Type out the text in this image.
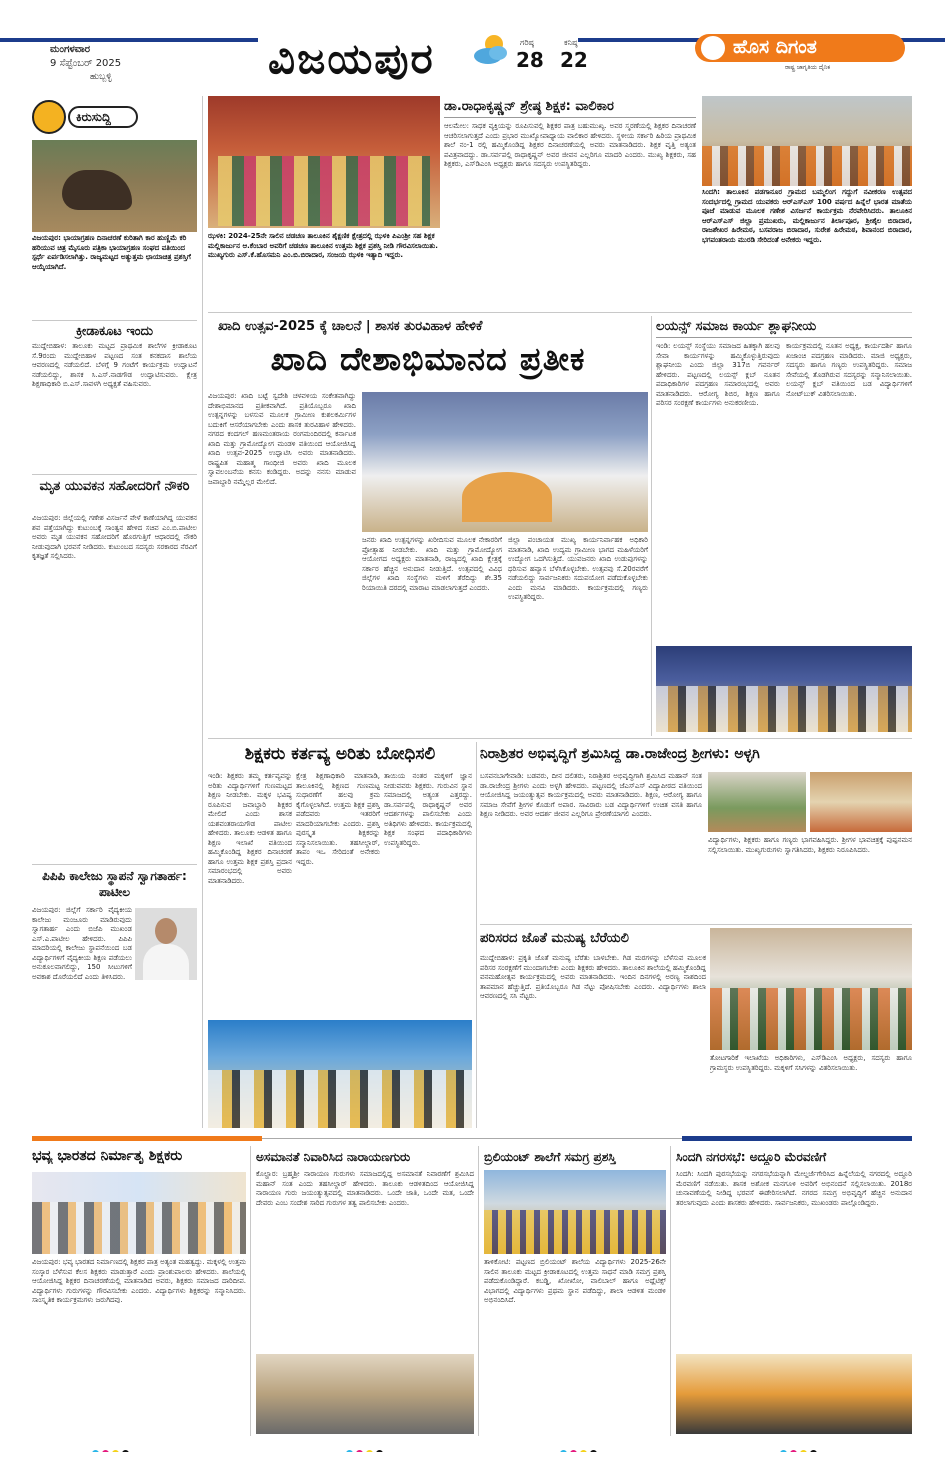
ಮಂಗಳವಾರ
9 ಸೆಪ್ಟೆಂಬರ್ 2025
ಹುಬ್ಬಳ್ಳಿ	ವಿಜಯಪುರ	ಗರಿಷ್ಠ
28
ಕನಿಷ್ಠ
22
ಹೊಸ ದಿಗಂತ
ರಾಷ್ಟ್ರ ಜಾಗೃತಿಯ ದೈನಿಕ
ಕಿರುಸುದ್ದಿ
ವಿಜಯಪುರ: ಭಾಯಾಗ್ರಹಣ ದಿನಾಚರಣೆ ಕುರಿತಾಗಿ ಕಾರ ಹುಣ್ಣಿಮೆ ಕರಿ ಹರಿಯುವ ಚಿತ್ರ ಮೈಸೂರು ಪತ್ರಿಕಾ ಭಾಯಾಗ್ರಹಣ ಸಂಘದ ವತಿಯಿಂದ ಸ್ಪರ್ಧೆ ಏರ್ಪಡಿಸಲಾಗಿತ್ತು. ರಾಜ್ಯಮಟ್ಟದ ಅತ್ಯುತ್ತಮ ಛಾಯಾಚಿತ್ರ ಪ್ರಶಸ್ತಿಗೆ ಆಯ್ಕೆಯಾಗಿದೆ.
ಕ್ರೀಡಾಕೂಟ ಇಂದು
ಮುದ್ದೇಬಿಹಾಳ: ತಾಲೂಕು ಮಟ್ಟದ ಪ್ರಾಥಮಿಕ ಶಾಲೆಗಳ ಕ್ರೀಡಾಕೂಟ ಸೆ.9ರಂದು ಮುದ್ದೇಬಿಹಾಳ ಪಟ್ಟಣದ ಸಂತ ಕನಕದಾಸ ಶಾಲೆಯ ಆವರಣದಲ್ಲಿ ನಡೆಯಲಿದೆ. ಬೆಳಗ್ಗೆ 9 ಗಂಟೆಗೆ ಕಾರ್ಯಕ್ರಮ ಉದ್ಘಾಟನೆ ನಡೆಯಲಿದ್ದು, ಶಾಸಕ ಸಿ.ಎಸ್.ನಾಡಗೌಡ ಉದ್ಘಾಟಿಸುವರು. ಕ್ಷೇತ್ರ ಶಿಕ್ಷಣಾಧಿಕಾರಿ ಬಿ.ಎಸ್.ಸಾವಳಗಿ ಅಧ್ಯಕ್ಷತೆ ವಹಿಸುವರು.
ಮೃತ ಯುವಕನ ಸಹೋದರಿಗೆ ನೌಕರಿ
ವಿಜಯಪುರ: ಜಿಲ್ಲೆಯಲ್ಲಿ ಗಣೇಶ ವಿಸರ್ಜನೆ ವೇಳೆ ಕಾಣೆಯಾಗಿದ್ದ ಯುವಕನ ಶವ ಪತ್ತೆಯಾಗಿದ್ದು ಕುಟುಂಬಕ್ಕೆ ಸಾಂತ್ವನ ಹೇಳಿದ ಸಚಿವ ಎಂ.ಬಿ.ಪಾಟೀಲ ಅವರು ಮೃತ ಯುವಕನ ಸಹೋದರಿಗೆ ಹೊರಗುತ್ತಿಗೆ ಆಧಾರದಲ್ಲಿ ನೌಕರಿ ನೀಡುವುದಾಗಿ ಭರವಸೆ ನೀಡಿದರು. ಕುಟುಂಬದ ಸದಸ್ಯರು ಸರಕಾರದ ನೆರವಿಗೆ ಕೃತಜ್ಞತೆ ಸಲ್ಲಿಸಿದರು.
ಪಿಪಿಪಿ ಕಾಲೇಜು ಸ್ಥಾಪನೆ ಸ್ವಾಗತಾರ್ಹ: ಪಾಟೀಲ
ವಿಜಯಪುರ: ಜಿಲ್ಲೆಗೆ ಸರ್ಕಾರಿ ವೈದ್ಯಕೀಯ ಕಾಲೇಜು ಮಂಜೂರು ಮಾಡಿರುವುದು ಸ್ವಾಗತಾರ್ಹ ಎಂದು ಬಿಜೆಪಿ ಮುಖಂಡ ಎಸ್.ಎ.ಪಾಟೀಲ ಹೇಳಿದರು. ಪಿಪಿಪಿ ಮಾದರಿಯಲ್ಲಿ ಕಾಲೇಜು ಸ್ಥಾಪನೆಯಿಂದ ಬಡ ವಿದ್ಯಾರ್ಥಿಗಳಿಗೆ ವೈದ್ಯಕೀಯ ಶಿಕ್ಷಣ ಪಡೆಯಲು ಅನುಕೂಲವಾಗಲಿದ್ದು, 150 ಸೀಟುಗಳಿಗೆ ಅವಕಾಶ ದೊರೆಯಲಿದೆ ಎಂದು ತಿಳಿಸಿದರು.
ಝಳಕಿ: 2024-25ನೇ ಸಾಲಿನ ಚಡಚಣ ತಾಲೂಕಿನ ಶೈಕ್ಷಣಿಕ ಕ್ಷೇತ್ರದಲ್ಲಿ ಝಳಕಿ ಪಿಎಂಶ್ರೀ ಸಹ ಶಿಕ್ಷಕ ಮಲ್ಲಿಕಾರ್ಜುನ ಆ.ಕೆಂಬಾರ ಅವರಿಗೆ ಚಡಚಣ ತಾಲೂಕಿನ ಉತ್ತಮ ಶಿಕ್ಷಕ ಪ್ರಶಸ್ತಿ ನೀಡಿ ಗೌರವಿಸಲಾಯಿತು. ಮುಖ್ಯಗುರು ಎಸ್.ಕೆ.ಹೊಸಮನಿ ಎಂ.ಬಿ.ಬಿರಾದಾರ, ಸಂಜಯ ಝಳಕಿ ಇತ್ಯಾದಿ ಇದ್ದರು.
ಡಾ.ರಾಧಾಕೃಷ್ಣನ್ ಶ್ರೇಷ್ಠ ಶಿಕ್ಷಕ: ವಾಲಿಕಾರ
ಆಲಮೇಲ: ಸಾಧಕ ವ್ಯಕ್ತಿಯನ್ನು ರೂಪಿಸುವಲ್ಲಿ ಶಿಕ್ಷಕರ ಪಾತ್ರ ಬಹುಮುಖ್ಯ. ಅವರ ಸ್ಮರಣೆಯಲ್ಲಿ ಶಿಕ್ಷಕರ ದಿನಾಚರಣೆ ಆಚರಿಸಲಾಗುತ್ತದೆ ಎಂದು ಪ್ರಭಾರ ಮುಖ್ಯೋಪಾಧ್ಯಾಯ ವಾಲಿಕಾರ ಹೇಳಿದರು. ಸ್ಥಳೀಯ ಸರ್ಕಾರಿ ಹಿರಿಯ ಪ್ರಾಥಮಿಕ ಶಾಲೆ ನಂ-1 ರಲ್ಲಿ ಹಮ್ಮಿಕೊಂಡಿದ್ದ ಶಿಕ್ಷಕರ ದಿನಾಚರಣೆಯಲ್ಲಿ ಅವರು ಮಾತನಾಡಿದರು. ಶಿಕ್ಷಕ ವೃತ್ತಿ ಅತ್ಯಂತ ಪವಿತ್ರವಾದದ್ದು. ಡಾ.ಸರ್ವಪಲ್ಲಿ ರಾಧಾಕೃಷ್ಣನ್ ಅವರ ಜೀವನ ಎಲ್ಲರಿಗೂ ಮಾದರಿ ಎಂದರು. ಮುಖ್ಯ ಶಿಕ್ಷಕರು, ಸಹ ಶಿಕ್ಷಕರು, ಎಸ್‌ಡಿಎಂಸಿ ಅಧ್ಯಕ್ಷರು ಹಾಗೂ ಸದಸ್ಯರು ಉಪಸ್ಥಿತರಿದ್ದರು.
ಸಿಂದಗಿ: ತಾಲೂಕಿನ ಪಡಗಾನೂರ ಗ್ರಾಮದ ಬಮ್ಮಲಿಂಗ ಗದ್ದುಗೆ ನವೀಕರಣ ಉತ್ಸವದ ಸಂದರ್ಭದಲ್ಲಿ ಗ್ರಾಮದ ಯುವಕರು ಆರ್‌ಎಸ್‌ಎಸ್ 100 ವರ್ಷದ ಹಿನ್ನೆಲೆ ಭಾರತ ಮಾತೆಯ ಪೂಜೆ ಮಾಡುವ ಮೂಲಕ ಗಣೇಶ ವಿಸರ್ಜನೆ ಕಾರ್ಯಕ್ರಮ ನೆರವೇರಿಸಿದರು. ತಾಲೂಕಿನ ಆರ್‌ಎಸ್‌ಎಸ್ ಜಿಲ್ಲಾ ಪ್ರಮುಖರು, ಮಲ್ಲಿಕಾರ್ಜುನ ತಿರ್ಲಾಪೂರ, ಶ್ರೀಶೈಲ ಬಿರಾದಾರ, ರಾಜಶೇಖರ ಹಿರೇಮಠ, ಬಸವರಾಜ ಬಿರಾದಾರ, ಸುರೇಶ ಹಿರೇಮಠ, ಶಿವಾನಂದ ಬಿರಾದಾರ, ಭಗವಂತರಾಯ ಮುರಡಿ ಸೇರಿದಂತೆ ಅನೇಕರು ಇದ್ದರು.
ಖಾದಿ ಉತ್ಸವ-2025 ಕ್ಕೆ ಚಾಲನೆ | ಶಾಸಕ ತುರವಿಹಾಳ ಹೇಳಿಕೆ
ಖಾದಿ ದೇಶಾಭಿಮಾನದ ಪ್ರತೀಕ
ವಿಜಯಪುರ: ಖಾದಿ ಬಟ್ಟೆ ಸ್ವದೇಶಿ ಚಳವಳಿಯ ಸಂಕೇತವಾಗಿದ್ದು ದೇಶಾಭಿಮಾನದ ಪ್ರತೀಕವಾಗಿದೆ. ಪ್ರತಿಯೊಬ್ಬರೂ ಖಾದಿ ಉತ್ಪನ್ನಗಳನ್ನು ಬಳಸುವ ಮೂಲಕ ಗ್ರಾಮೀಣ ಕುಶಲಕರ್ಮಿಗಳ ಬದುಕಿಗೆ ಆಸರೆಯಾಗಬೇಕು ಎಂದು ಶಾಸಕ ತುರವಿಹಾಳ ಹೇಳಿದರು. ನಗರದ ಕಂದಗಲ್ ಹಣಮಂತರಾಯ ರಂಗಮಂದಿರದಲ್ಲಿ ಕರ್ನಾಟಕ ಖಾದಿ ಮತ್ತು ಗ್ರಾಮೋದ್ಯೋಗ ಮಂಡಳಿ ವತಿಯಿಂದ ಆಯೋಜಿಸಿದ್ದ ಖಾದಿ ಉತ್ಸವ-2025 ಉದ್ಘಾಟಿಸಿ ಅವರು ಮಾತನಾಡಿದರು. ರಾಷ್ಟ್ರಪಿತ ಮಹಾತ್ಮ ಗಾಂಧೀಜಿ ಅವರು ಖಾದಿ ಮೂಲಕ ಸ್ವಾವಲಂಬನೆಯ ಕನಸು ಕಂಡಿದ್ದರು. ಅದನ್ನು ನನಸು ಮಾಡುವ ಜವಾಬ್ದಾರಿ ನಮ್ಮೆಲ್ಲರ ಮೇಲಿದೆ.
ಜನರು ಖಾದಿ ಉತ್ಪನ್ನಗಳನ್ನು ಖರೀದಿಸುವ ಮೂಲಕ ನೇಕಾರರಿಗೆ ಪ್ರೋತ್ಸಾಹ ನೀಡಬೇಕು. ಖಾದಿ ಮತ್ತು ಗ್ರಾಮೋದ್ಯೋಗ ಆಯೋಗದ ಅಧ್ಯಕ್ಷರು ಮಾತನಾಡಿ, ರಾಜ್ಯದಲ್ಲಿ ಖಾದಿ ಕ್ಷೇತ್ರಕ್ಕೆ ಸರ್ಕಾರ ಹೆಚ್ಚಿನ ಅನುದಾನ ನೀಡುತ್ತಿದೆ. ಉತ್ಸವದಲ್ಲಿ ವಿವಿಧ ಜಿಲ್ಲೆಗಳ ಖಾದಿ ಸಂಸ್ಥೆಗಳು ಮಳಿಗೆ ತೆರೆದಿದ್ದು ಶೇ.35 ರಿಯಾಯಿತಿ ದರದಲ್ಲಿ ಮಾರಾಟ ಮಾಡಲಾಗುತ್ತದೆ ಎಂದರು.
ಜಿಲ್ಲಾ ಪಂಚಾಯತ ಮುಖ್ಯ ಕಾರ್ಯನಿರ್ವಾಹಕ ಅಧಿಕಾರಿ ಮಾತನಾಡಿ, ಖಾದಿ ಉದ್ಯಮ ಗ್ರಾಮೀಣ ಭಾಗದ ಮಹಿಳೆಯರಿಗೆ ಉದ್ಯೋಗ ಒದಗಿಸುತ್ತಿದೆ. ಯುವಜನರು ಖಾದಿ ಉಡುಪುಗಳನ್ನು ಧರಿಸುವ ಹವ್ಯಾಸ ಬೆಳೆಸಿಕೊಳ್ಳಬೇಕು. ಉತ್ಸವವು ಸೆ.20ರವರೆಗೆ ನಡೆಯಲಿದ್ದು ಸಾರ್ವಜನಿಕರು ಸದುಪಯೋಗ ಪಡೆದುಕೊಳ್ಳಬೇಕು ಎಂದು ಮನವಿ ಮಾಡಿದರು. ಕಾರ್ಯಕ್ರಮದಲ್ಲಿ ಗಣ್ಯರು ಉಪಸ್ಥಿತರಿದ್ದರು.
ಲಯನ್ಸ್ ಸಮಾಜ ಕಾರ್ಯ ಶ್ಲಾಘನೀಯ
ಇಂಡಿ: ಲಯನ್ಸ್ ಸಂಸ್ಥೆಯು ಸಮಾಜದ ಹಿತಕ್ಕಾಗಿ ಹಲವು ಸೇವಾ ಕಾರ್ಯಗಳನ್ನು ಹಮ್ಮಿಕೊಳ್ಳುತ್ತಿರುವುದು ಶ್ಲಾಘನೀಯ ಎಂದು ಜಿಲ್ಲಾ 317ಬಿ ಗವರ್ನರ್ ಹೇಳಿದರು. ಪಟ್ಟಣದಲ್ಲಿ ಲಯನ್ಸ್ ಕ್ಲಬ್ ನೂತನ ಪದಾಧಿಕಾರಿಗಳ ಪದಗ್ರಹಣ ಸಮಾರಂಭದಲ್ಲಿ ಅವರು ಮಾತನಾಡಿದರು. ಆರೋಗ್ಯ ಶಿಬಿರ, ಶಿಕ್ಷಣ ಹಾಗೂ ಪರಿಸರ ಸಂರಕ್ಷಣೆ ಕಾರ್ಯಗಳು ಅನುಕರಣೀಯ.
ಕಾರ್ಯಕ್ರಮದಲ್ಲಿ ನೂತನ ಅಧ್ಯಕ್ಷ, ಕಾರ್ಯದರ್ಶಿ ಹಾಗೂ ಖಜಾಂಚಿ ಪದಗ್ರಹಣ ಮಾಡಿದರು. ಮಾಜಿ ಅಧ್ಯಕ್ಷರು, ಸದಸ್ಯರು ಹಾಗೂ ಗಣ್ಯರು ಉಪಸ್ಥಿತರಿದ್ದರು. ಸಮಾಜ ಸೇವೆಯಲ್ಲಿ ತೊಡಗಿರುವ ಸದಸ್ಯರನ್ನು ಸನ್ಮಾನಿಸಲಾಯಿತು. ಲಯನ್ಸ್ ಕ್ಲಬ್ ವತಿಯಿಂದ ಬಡ ವಿದ್ಯಾರ್ಥಿಗಳಿಗೆ ನೋಟ್‌ಬುಕ್ ವಿತರಿಸಲಾಯಿತು.
ಶಿಕ್ಷಕರು ಕರ್ತವ್ಯ ಅರಿತು ಬೋಧಿಸಲಿ
ಇಂಡಿ: ಶಿಕ್ಷಕರು ತಮ್ಮ ಕರ್ತವ್ಯವನ್ನು ಅರಿತು ವಿದ್ಯಾರ್ಥಿಗಳಿಗೆ ಗುಣಮಟ್ಟದ ಶಿಕ್ಷಣ ನೀಡಬೇಕು. ಮಕ್ಕಳ ಭವಿಷ್ಯ ರೂಪಿಸುವ ಜವಾಬ್ದಾರಿ ಶಿಕ್ಷಕರ ಮೇಲಿದೆ ಎಂದು ಶಾಸಕ ಯಶವಂತರಾಯಗೌಡ ಪಾಟೀಲ ಹೇಳಿದರು. ತಾಲೂಕು ಆಡಳಿತ ಹಾಗೂ ಶಿಕ್ಷಣ ಇಲಾಖೆ ವತಿಯಿಂದ ಹಮ್ಮಿಕೊಂಡಿದ್ದ ಶಿಕ್ಷಕರ ದಿನಾಚರಣೆ ಹಾಗೂ ಉತ್ತಮ ಶಿಕ್ಷಕ ಪ್ರಶಸ್ತಿ ಪ್ರದಾನ ಸಮಾರಂಭದಲ್ಲಿ ಅವರು ಮಾತನಾಡಿದರು.
ಕ್ಷೇತ್ರ ಶಿಕ್ಷಣಾಧಿಕಾರಿ ಮಾತನಾಡಿ, ತಾಲೂಕಿನಲ್ಲಿ ಶಿಕ್ಷಣದ ಗುಣಮಟ್ಟ ಸುಧಾರಣೆಗೆ ಹಲವು ಕ್ರಮ ಕೈಗೊಳ್ಳಲಾಗಿದೆ. ಉತ್ತಮ ಶಿಕ್ಷಕ ಪ್ರಶಸ್ತಿ ಪಡೆದವರು ಇತರರಿಗೆ ಮಾದರಿಯಾಗಬೇಕು ಎಂದರು. ಪ್ರಶಸ್ತಿ ಪುರಸ್ಕೃತ ಶಿಕ್ಷಕರನ್ನು ಸನ್ಮಾನಿಸಲಾಯಿತು. ತಹಸೀಲ್ದಾರ್, ತಾಪಂ ಇಒ ಸೇರಿದಂತೆ ಅನೇಕರು ಇದ್ದರು.
ತಾಯಿಯ ನಂತರ ಮಕ್ಕಳಿಗೆ ಜ್ಞಾನ ನೀಡುವವರು ಶಿಕ್ಷಕರು. ಗುರುವಿನ ಸ್ಥಾನ ಸಮಾಜದಲ್ಲಿ ಅತ್ಯಂತ ಎತ್ತರದ್ದು. ಡಾ.ಸರ್ವಪಲ್ಲಿ ರಾಧಾಕೃಷ್ಣನ್ ಅವರ ಆದರ್ಶಗಳನ್ನು ಪಾಲಿಸಬೇಕು ಎಂದು ಅತಿಥಿಗಳು ಹೇಳಿದರು. ಕಾರ್ಯಕ್ರಮದಲ್ಲಿ ಶಿಕ್ಷಕ ಸಂಘದ ಪದಾಧಿಕಾರಿಗಳು ಉಪಸ್ಥಿತರಿದ್ದರು.
ನಿರಾಶ್ರಿತರ ಅಭಿವೃದ್ಧಿಗೆ ಶ್ರಮಿಸಿದ್ದ ಡಾ.ರಾಜೇಂದ್ರ ಶ್ರೀಗಳು: ಅಳ್ಳಗಿ
ಬಸವನಬಾಗೇವಾಡಿ: ಬಡವರು, ದೀನ ದಲಿತರು, ನಿರಾಶ್ರಿತರ ಅಭಿವೃದ್ಧಿಗಾಗಿ ಶ್ರಮಿಸಿದ ಮಹಾನ್ ಸಂತ ಡಾ.ರಾಜೇಂದ್ರ ಶ್ರೀಗಳು ಎಂದು ಅಳ್ಳಗಿ ಹೇಳಿದರು. ಪಟ್ಟಣದಲ್ಲಿ ಜೆಎಸ್‌ಎಸ್ ವಿದ್ಯಾಪೀಠದ ವತಿಯಿಂದ ಆಯೋಜಿಸಿದ್ದ ಜಯಂತ್ಯುತ್ಸವ ಕಾರ್ಯಕ್ರಮದಲ್ಲಿ ಅವರು ಮಾತನಾಡಿದರು. ಶಿಕ್ಷಣ, ಆರೋಗ್ಯ ಹಾಗೂ ಸಮಾಜ ಸೇವೆಗೆ ಶ್ರೀಗಳ ಕೊಡುಗೆ ಅಪಾರ. ಸಾವಿರಾರು ಬಡ ವಿದ್ಯಾರ್ಥಿಗಳಿಗೆ ಉಚಿತ ವಸತಿ ಹಾಗೂ ಶಿಕ್ಷಣ ನೀಡಿದರು. ಅವರ ಆದರ್ಶ ಜೀವನ ಎಲ್ಲರಿಗೂ ಪ್ರೇರಣೆಯಾಗಲಿ ಎಂದರು.
ವಿದ್ಯಾರ್ಥಿಗಳು, ಶಿಕ್ಷಕರು ಹಾಗೂ ಗಣ್ಯರು ಭಾಗವಹಿಸಿದ್ದರು. ಶ್ರೀಗಳ ಭಾವಚಿತ್ರಕ್ಕೆ ಪುಷ್ಪನಮನ ಸಲ್ಲಿಸಲಾಯಿತು. ಮುಖ್ಯಗುರುಗಳು ಸ್ವಾಗತಿಸಿದರು, ಶಿಕ್ಷಕರು ನಿರೂಪಿಸಿದರು.
ಪರಿಸರದ ಜೊತೆ ಮನುಷ್ಯ ಬೆರೆಯಲಿ
ಮುದ್ದೇಬಿಹಾಳ: ಪ್ರಕೃತಿ ಜೊತೆ ಮನುಷ್ಯ ಬೆರೆತು ಬಾಳಬೇಕು. ಗಿಡ ಮರಗಳನ್ನು ಬೆಳೆಸುವ ಮೂಲಕ ಪರಿಸರ ಸಂರಕ್ಷಣೆಗೆ ಮುಂದಾಗಬೇಕು ಎಂದು ಶಿಕ್ಷಕರು ಹೇಳಿದರು. ತಾಲೂಕಿನ ಶಾಲೆಯಲ್ಲಿ ಹಮ್ಮಿಕೊಂಡಿದ್ದ ವನಮಹೋತ್ಸವ ಕಾರ್ಯಕ್ರಮದಲ್ಲಿ ಅವರು ಮಾತನಾಡಿದರು. ಇಂದಿನ ದಿನಗಳಲ್ಲಿ ಅರಣ್ಯ ನಾಶದಿಂದ ತಾಪಮಾನ ಹೆಚ್ಚುತ್ತಿದೆ. ಪ್ರತಿಯೊಬ್ಬರೂ ಗಿಡ ನೆಟ್ಟು ಪೋಷಿಸಬೇಕು ಎಂದರು. ವಿದ್ಯಾರ್ಥಿಗಳು ಶಾಲಾ ಆವರಣದಲ್ಲಿ ಸಸಿ ನೆಟ್ಟರು.
ತೋಟಗಾರಿಕೆ ಇಲಾಖೆಯ ಅಧಿಕಾರಿಗಳು, ಎಸ್‌ಡಿಎಂಸಿ ಅಧ್ಯಕ್ಷರು, ಸದಸ್ಯರು ಹಾಗೂ ಗ್ರಾಮಸ್ಥರು ಉಪಸ್ಥಿತರಿದ್ದರು. ಮಕ್ಕಳಿಗೆ ಸಸಿಗಳನ್ನು ವಿತರಿಸಲಾಯಿತು.
ಭವ್ಯ ಭಾರತದ ನಿರ್ಮಾತೃ ಶಿಕ್ಷಕರು
ವಿಜಯಪುರ: ಭವ್ಯ ಭಾರತದ ನಿರ್ಮಾಣದಲ್ಲಿ ಶಿಕ್ಷಕರ ಪಾತ್ರ ಅತ್ಯಂತ ಮಹತ್ವದ್ದು. ಮಕ್ಕಳಲ್ಲಿ ಉತ್ತಮ ಸಂಸ್ಕಾರ ಬೆಳೆಸುವ ಕೆಲಸ ಶಿಕ್ಷಕರು ಮಾಡುತ್ತಾರೆ ಎಂದು ಪ್ರಾಂಶುಪಾಲರು ಹೇಳಿದರು. ಶಾಲೆಯಲ್ಲಿ ಆಯೋಜಿಸಿದ್ದ ಶಿಕ್ಷಕರ ದಿನಾಚರಣೆಯಲ್ಲಿ ಮಾತನಾಡಿದ ಅವರು, ಶಿಕ್ಷಕರು ಸಮಾಜದ ದಾರಿದೀಪ. ವಿದ್ಯಾರ್ಥಿಗಳು ಗುರುಗಳನ್ನು ಗೌರವಿಸಬೇಕು ಎಂದರು. ವಿದ್ಯಾರ್ಥಿಗಳು ಶಿಕ್ಷಕರನ್ನು ಸನ್ಮಾನಿಸಿದರು. ಸಾಂಸ್ಕೃತಿಕ ಕಾರ್ಯಕ್ರಮಗಳು ಜರುಗಿದವು.
ಅಸಮಾನತೆ ನಿವಾರಿಸಿದ ನಾರಾಯಣಗುರು
ಕೊಲ್ಹಾರ: ಬ್ರಹ್ಮಶ್ರೀ ನಾರಾಯಣ ಗುರುಗಳು ಸಮಾಜದಲ್ಲಿದ್ದ ಅಸಮಾನತೆ ನಿವಾರಣೆಗೆ ಶ್ರಮಿಸಿದ ಮಹಾನ್ ಸಂತ ಎಂದು ತಹಸೀಲ್ದಾರ್ ಹೇಳಿದರು. ತಾಲೂಕು ಆಡಳಿತದಿಂದ ಆಯೋಜಿಸಿದ್ದ ನಾರಾಯಣ ಗುರು ಜಯಂತ್ಯುತ್ಸವದಲ್ಲಿ ಮಾತನಾಡಿದರು. ಒಂದೇ ಜಾತಿ, ಒಂದೇ ಮತ, ಒಂದೇ ದೇವರು ಎಂಬ ಸಂದೇಶ ಸಾರಿದ ಗುರುಗಳ ತತ್ವ ಪಾಲಿಸಬೇಕು ಎಂದರು.
ಬ್ರಿಲಿಯಂಟ್ ಶಾಲೆಗೆ ಸಮಗ್ರ ಪ್ರಶಸ್ತಿ
ತಾಳಿಕೋಟಿ: ಪಟ್ಟಣದ ಬ್ರಿಲಿಯಂಟ್ ಶಾಲೆಯ ವಿದ್ಯಾರ್ಥಿಗಳು 2025-26ನೇ ಸಾಲಿನ ತಾಲೂಕು ಮಟ್ಟದ ಕ್ರೀಡಾಕೂಟದಲ್ಲಿ ಉತ್ತಮ ಸಾಧನೆ ಮಾಡಿ ಸಮಗ್ರ ಪ್ರಶಸ್ತಿ ಪಡೆದುಕೊಂಡಿದ್ದಾರೆ. ಕಬಡ್ಡಿ, ಖೋಖೋ, ವಾಲಿಬಾಲ್ ಹಾಗೂ ಅಥ್ಲೆಟಿಕ್ಸ್ ವಿಭಾಗದಲ್ಲಿ ವಿದ್ಯಾರ್ಥಿಗಳು ಪ್ರಥಮ ಸ್ಥಾನ ಪಡೆದಿದ್ದು, ಶಾಲಾ ಆಡಳಿತ ಮಂಡಳಿ ಅಭಿನಂದಿಸಿದೆ.
ಸಿಂದಗಿ ನಗರಸಭೆ: ಅದ್ದೂರಿ ಮೆರವಣಿಗೆ
ಸಿಂದಗಿ: ಸಿಂದಗಿ ಪುರಸಭೆಯನ್ನು ನಗರಸಭೆಯನ್ನಾಗಿ ಮೇಲ್ದರ್ಜೆಗೇರಿಸಿದ ಹಿನ್ನೆಲೆಯಲ್ಲಿ ನಗರದಲ್ಲಿ ಅದ್ದೂರಿ ಮೆರವಣಿಗೆ ನಡೆಯಿತು. ಶಾಸಕ ಅಶೋಕ ಮನಗೂಳಿ ಅವರಿಗೆ ಅಭಿನಂದನೆ ಸಲ್ಲಿಸಲಾಯಿತು. 2018ರ ಚುನಾವಣೆಯಲ್ಲಿ ನೀಡಿದ್ದ ಭರವಸೆ ಈಡೇರಿಸಲಾಗಿದೆ. ನಗರದ ಸಮಗ್ರ ಅಭಿವೃದ್ಧಿಗೆ ಹೆಚ್ಚಿನ ಅನುದಾನ ತರಲಾಗುವುದು ಎಂದು ಶಾಸಕರು ಹೇಳಿದರು. ಸಾರ್ವಜನಿಕರು, ಮುಖಂಡರು ಪಾಲ್ಗೊಂಡಿದ್ದರು.
